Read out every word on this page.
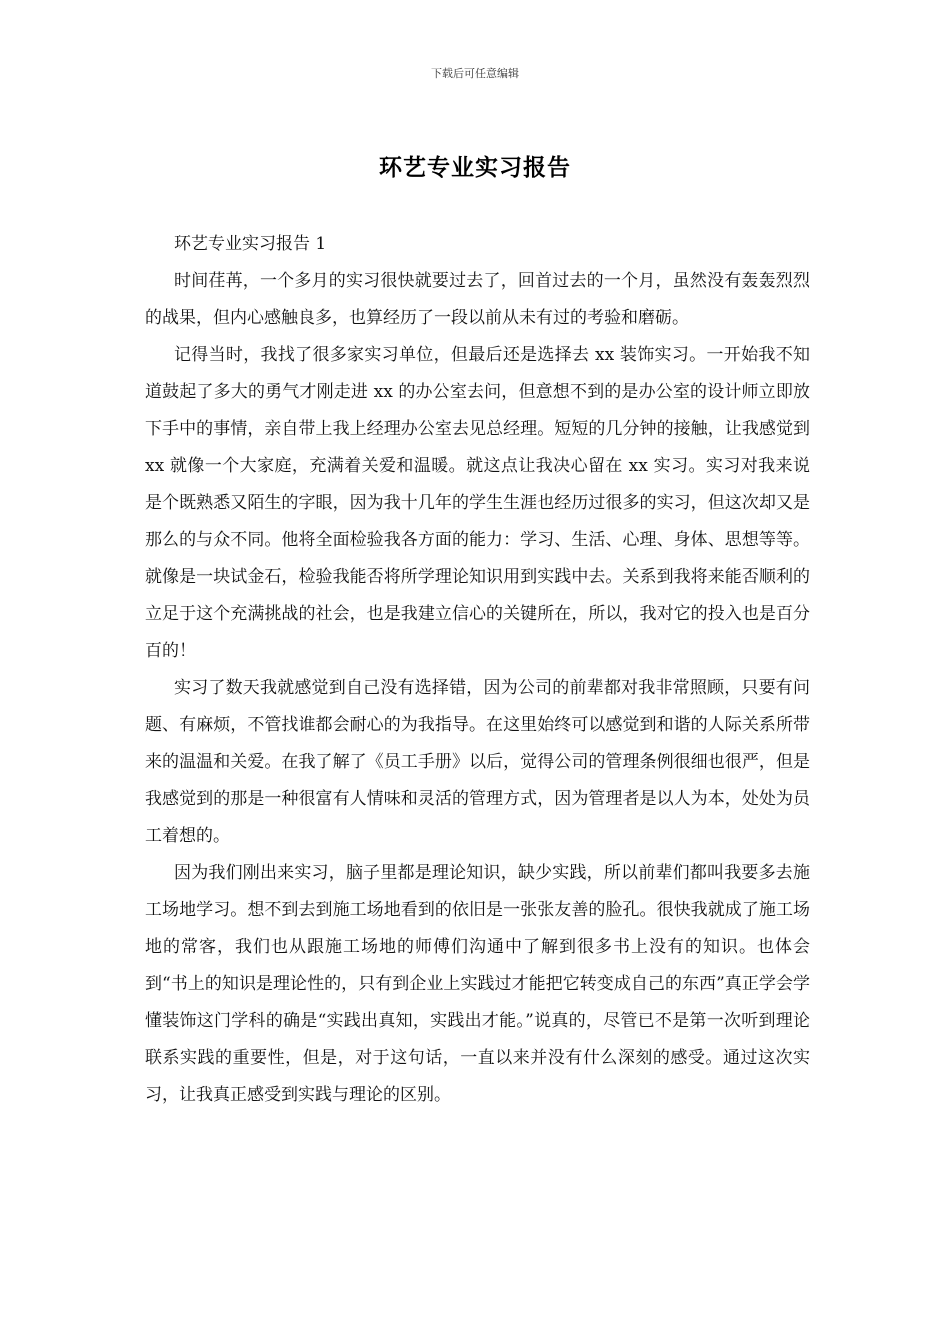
下载后可任意编辑
环艺专业实习报告

环艺专业实习报告 1

时间荏苒，一个多月的实习很快就要过去了，回首过去的一个月，虽然没有轰轰烈烈的战果，但内心感触良多，也算经历了一段以前从未有过的考验和磨砺。

记得当时，我找了很多家实习单位，但最后还是选择去 xx 装饰实习。一开始我不知道鼓起了多大的勇气才刚走进 xx 的办公室去问，但意想不到的是办公室的设计师立即放下手中的事情，亲自带上我上经理办公室去见总经理。短短的几分钟的接触，让我感觉到 xx 就像一个大家庭，充满着关爱和温暖。就这点让我决心留在 xx 实习。实习对我来说是个既熟悉又陌生的字眼，因为我十几年的学生生涯也经历过很多的实习，但这次却又是那么的与众不同。他将全面检验我各方面的能力：学习、生活、心理、身体、思想等等。就像是一块试金石，检验我能否将所学理论知识用到实践中去。关系到我将来能否顺利的立足于这个充满挑战的社会，也是我建立信心的关键所在，所以，我对它的投入也是百分百的！

实习了数天我就感觉到自己没有选择错，因为公司的前辈都对我非常照顾，只要有问题、有麻烦，不管找谁都会耐心的为我指导。在这里始终可以感觉到和谐的人际关系所带来的温温和关爱。在我了解了《员工手册》以后，觉得公司的管理条例很细也很严，但是我感觉到的那是一种很富有人情味和灵活的管理方式，因为管理者是以人为本，处处为员工着想的。

因为我们刚出来实习，脑子里都是理论知识，缺少实践，所以前辈们都叫我要多去施工场地学习。想不到去到施工场地看到的依旧是一张张友善的脸孔。很快我就成了施工场地的常客，我们也从跟施工场地的师傅们沟通中了解到很多书上没有的知识。也体会到“书上的知识是理论性的，只有到企业上实践过才能把它转变成自己的东西”真正学会学懂装饰这门学科的确是“实践出真知，实践出才能。”说真的，尽管已不是第一次听到理论联系实践的重要性，但是，对于这句话，一直以来并没有什么深刻的感受。通过这次实习，让我真正感受到实践与理论的区别。
